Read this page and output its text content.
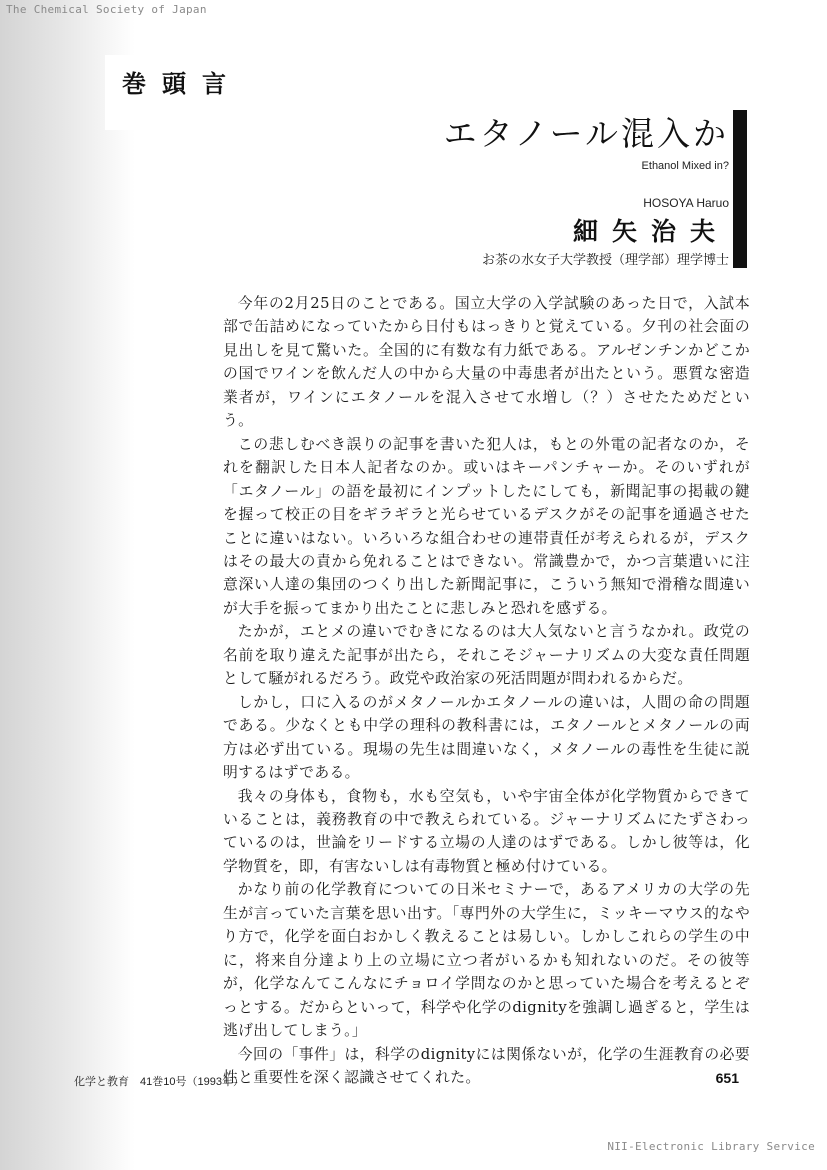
The Chemical Society of Japan
巻頭言
エタノール混入か
Ethanol Mixed in?
HOSOYA Haruo
細矢治夫
お茶の水女子大学教授（理学部）理学博士

今年の2月25日のことである。国立大学の入学試験のあった日で，入試本部で缶詰めになっていたから日付もはっきりと覚えている。夕刊の社会面の見出しを見て驚いた。全国的に有数な有力紙である。アルゼンチンかどこかの国でワインを飲んだ人の中から大量の中毒患者が出たという。悪質な密造業者が，ワインにエタノールを混入させて水増し（？）させたためだという。

この悲しむべき誤りの記事を書いた犯人は，もとの外電の記者なのか，それを翻訳した日本人記者なのか。或いはキーパンチャーか。そのいずれが「エタノール」の語を最初にインプットしたにしても，新聞記事の掲載の鍵を握って校正の目をギラギラと光らせているデスクがその記事を通過させたことに違いはない。いろいろな組合わせの連帯責任が考えられるが，デスクはその最大の責から免れることはできない。常識豊かで，かつ言葉遣いに注意深い人達の集団のつくり出した新聞記事に，こういう無知で滑稽な間違いが大手を振ってまかり出たことに悲しみと恐れを感ずる。

たかが，エとメの違いでむきになるのは大人気ないと言うなかれ。政党の名前を取り違えた記事が出たら，それこそジャーナリズムの大変な責任問題として騒がれるだろう。政党や政治家の死活問題が問われるからだ。

しかし，口に入るのがメタノールかエタノールの違いは，人間の命の問題である。少なくとも中学の理科の教科書には，エタノールとメタノールの両方は必ず出ている。現場の先生は間違いなく，メタノールの毒性を生徒に説明するはずである。

我々の身体も，食物も，水も空気も，いや宇宙全体が化学物質からできていることは，義務教育の中で教えられている。ジャーナリズムにたずさわっているのは，世論をリードする立場の人達のはずである。しかし彼等は，化学物質を，即，有害ないしは有毒物質と極め付けている。

かなり前の化学教育についての日米セミナーで，あるアメリカの大学の先生が言っていた言葉を思い出す。「専門外の大学生に，ミッキーマウス的なやり方で，化学を面白おかしく教えることは易しい。しかしこれらの学生の中に，将来自分達より上の立場に立つ者がいるかも知れないのだ。その彼等が，化学なんてこんなにチョロイ学問なのかと思っていた場合を考えるとぞっとする。だからといって，科学や化学のdignityを強調し過ぎると，学生は逃げ出してしまう。」

今回の「事件」は，科学のdignityには関係ないが，化学の生涯教育の必要性と重要性を深く認識させてくれた。

化学と教育　41巻10号（1993年）	651
NII-Electronic Library Service
